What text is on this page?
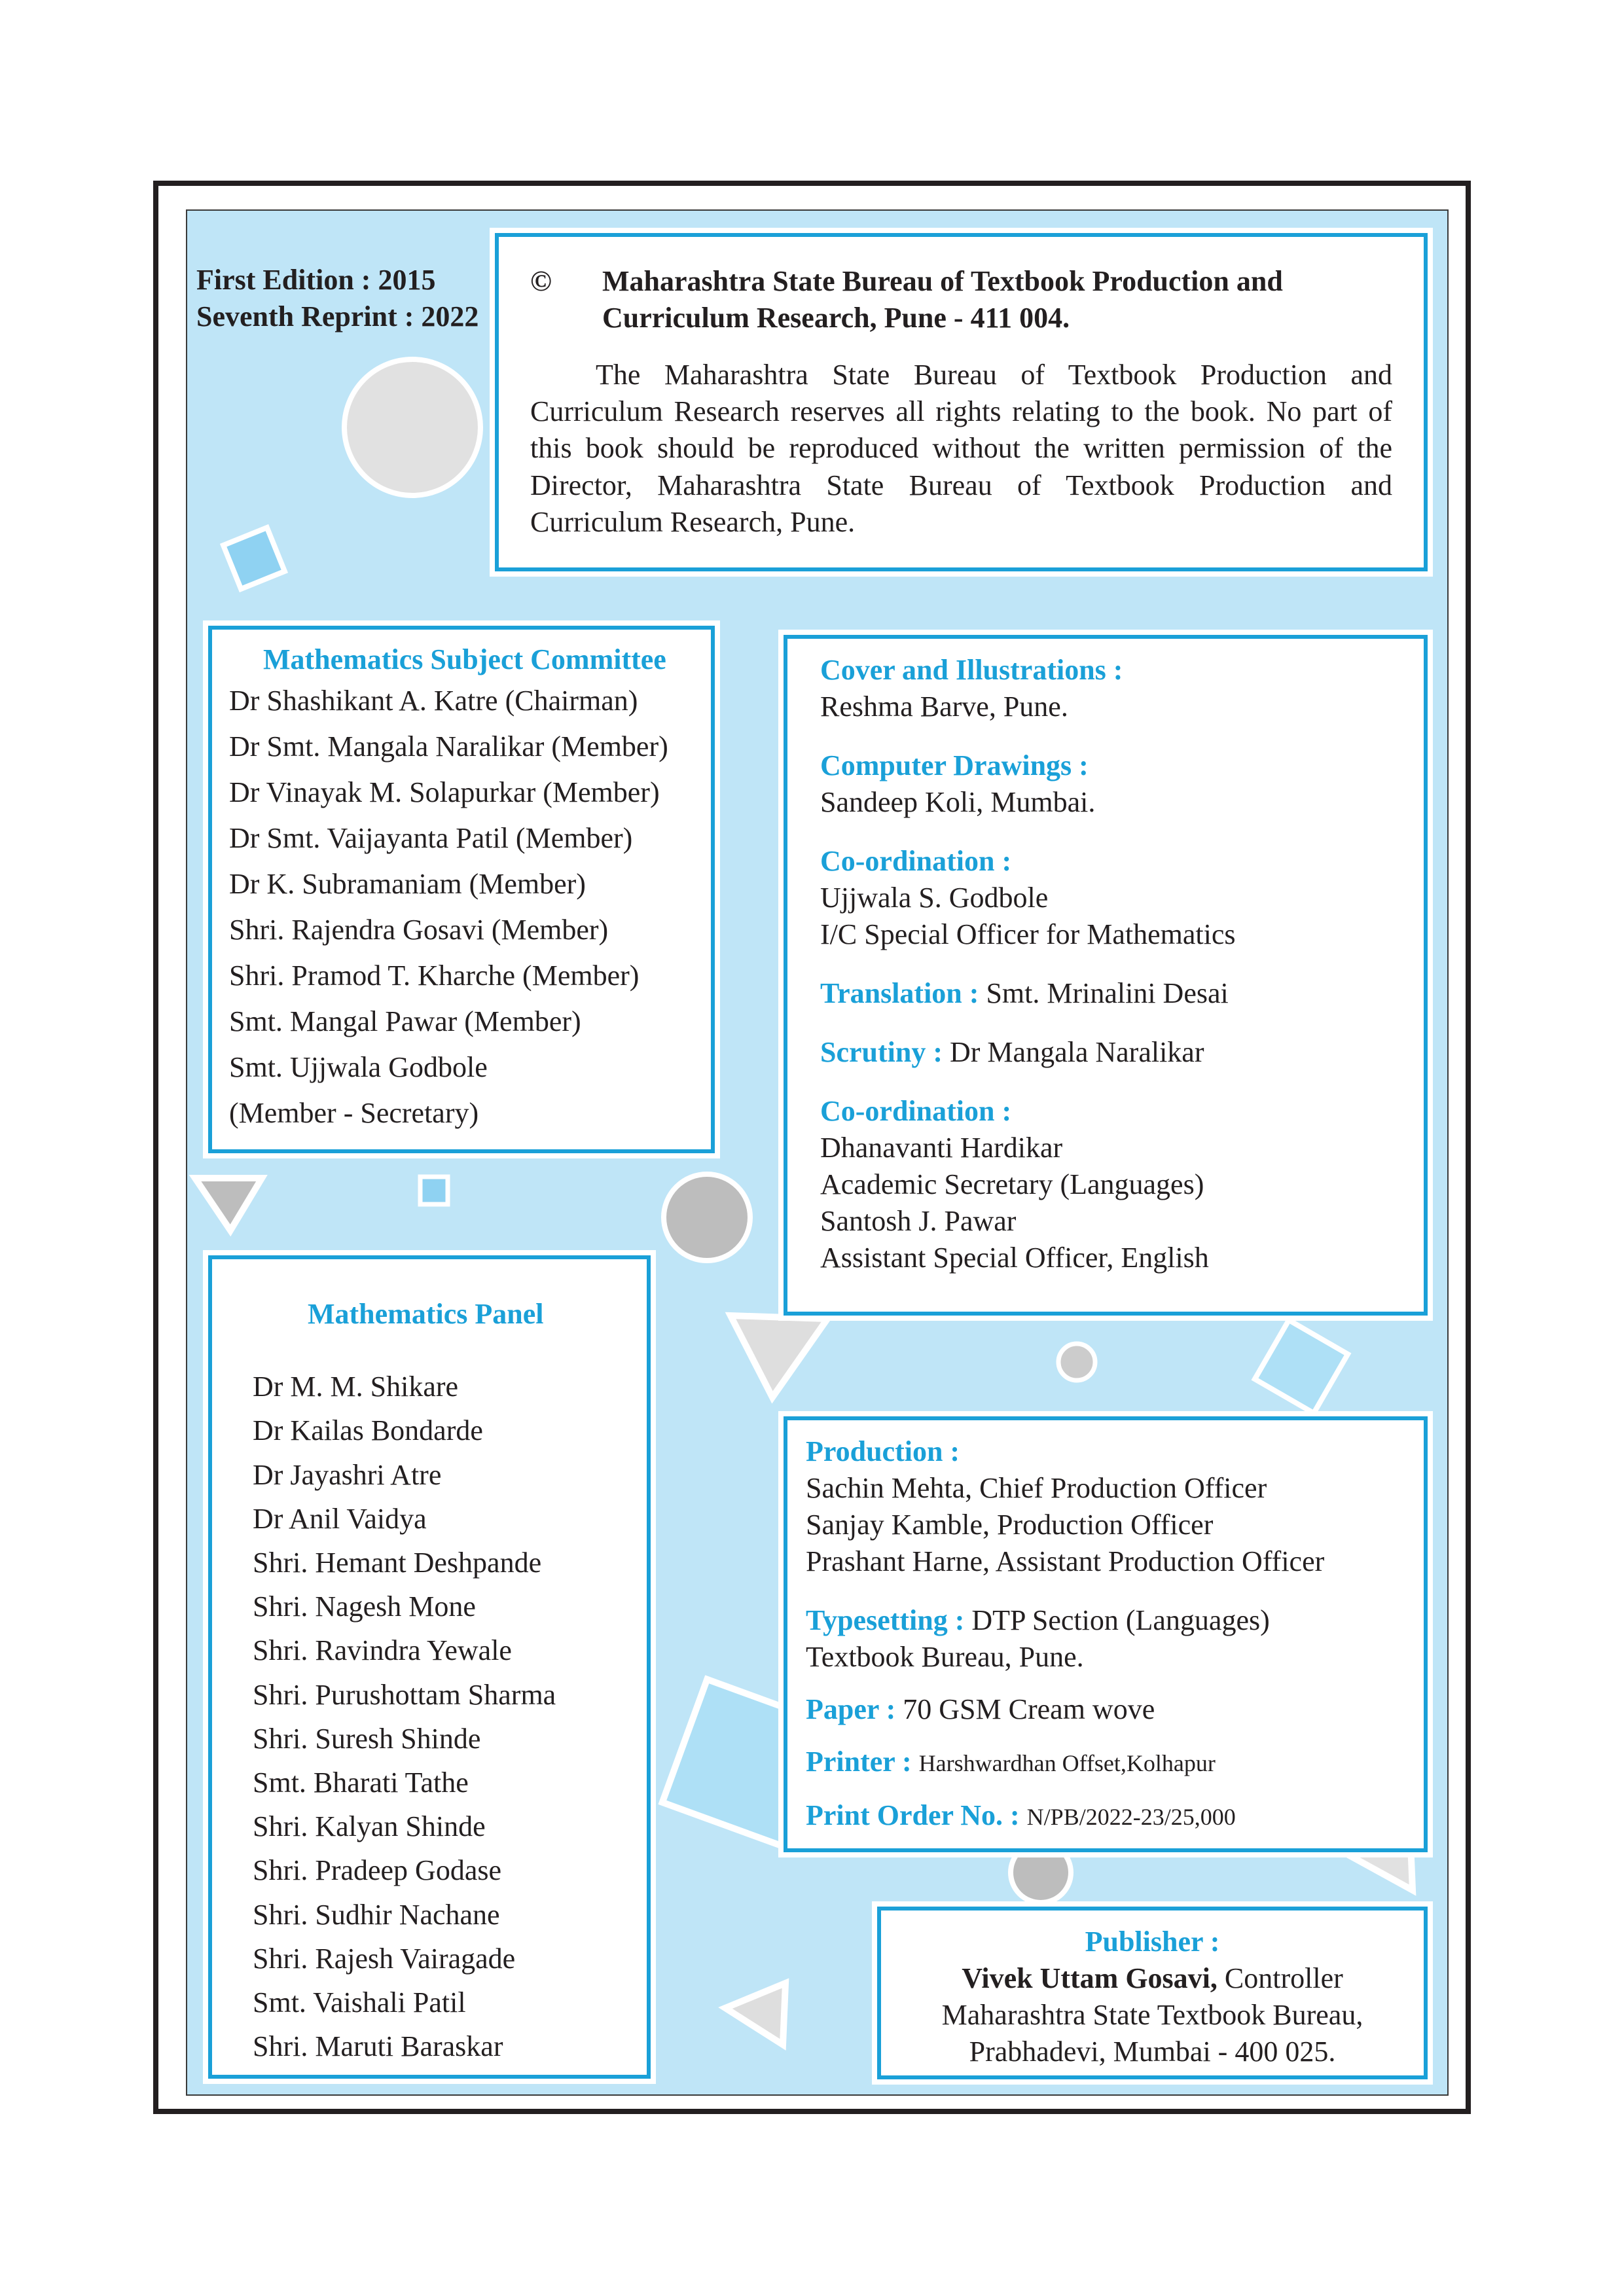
First Edition : 2015
Seventh Reprint : 2022
©	Maharashtra State Bureau of Textbook Production and
Curriculum Research, Pune - 411 004.
The Maharashtra State Bureau of Textbook Production and Curriculum Research reserves all rights relating to the book. No part of this book should be reproduced without the written permission of the Director, Maharashtra State Bureau of Textbook Production and Curriculum Research, Pune.
Mathematics Subject Committee
Dr Shashikant A. Katre (Chairman)
Dr Smt. Mangala Naralikar (Member)
Dr Vinayak M. Solapurkar (Member)
Dr Smt. Vaijayanta Patil (Member)
Dr K. Subramaniam (Member)
Shri. Rajendra Gosavi (Member)
Shri. Pramod T. Kharche (Member)
Smt. Mangal Pawar (Member)
Smt. Ujjwala Godbole
(Member - Secretary)
Cover and Illustrations :
Reshma Barve, Pune.
Computer Drawings :
Sandeep Koli, Mumbai.
Co-ordination :
Ujjwala S. Godbole
I/C Special Officer for Mathematics
Translation : Smt. Mrinalini Desai
Scrutiny : Dr Mangala Naralikar
Co-ordination :
Dhanavanti Hardikar
Academic Secretary (Languages)
Santosh J. Pawar
Assistant Special Officer, English
Mathematics Panel
Dr M. M. Shikare
Dr Kailas Bondarde
Dr Jayashri Atre
Dr Anil Vaidya
Shri. Hemant Deshpande
Shri. Nagesh Mone
Shri. Ravindra Yewale
Shri. Purushottam Sharma
Shri. Suresh Shinde
Smt. Bharati Tathe
Shri. Kalyan Shinde
Shri. Pradeep Godase
Shri. Sudhir Nachane
Shri. Rajesh Vairagade
Smt. Vaishali Patil
Shri. Maruti Baraskar
Production :
Sachin Mehta, Chief Production Officer
Sanjay Kamble, Production Officer
Prashant Harne, Assistant Production Officer
Typesetting : DTP Section (Languages)
Textbook Bureau, Pune.
Paper : 70 GSM Cream wove
Printer : Harshwardhan Offset,Kolhapur
Print Order No. : N/PB/2022-23/25,000
Publisher :
Vivek Uttam Gosavi, Controller
Maharashtra State Textbook Bureau,
Prabhadevi, Mumbai - 400 025.
